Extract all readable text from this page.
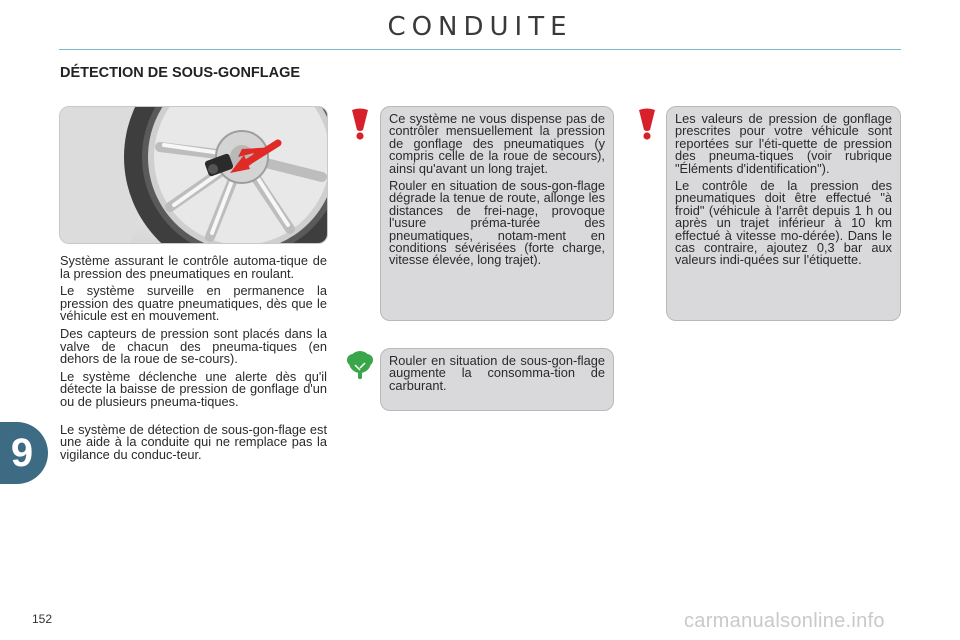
CONDUITE
DÉTECTION DE SOUS-GONFLAGE

Système assurant le contrôle automa-tique de la pression des pneumatiques en roulant.

Le système surveille en permanence la pression des quatre pneumatiques, dès que le véhicule est en mouvement.

Des capteurs de pression sont placés dans la valve de chacun des pneuma-tiques (en dehors de la roue de se-cours).

Le système déclenche une alerte dès qu'il détecte la baisse de pression de gonflage d'un ou de plusieurs pneuma-tiques.

Le système de détection de sous-gon-flage est une aide à la conduite qui ne remplace pas la vigilance du conduc-teur.

Ce système ne vous dispense pas de contrôler mensuellement la pression de gonflage des pneumatiques (y compris celle de la roue de secours), ainsi qu'avant un long trajet.

Rouler en situation de sous-gon-flage dégrade la tenue de route, allonge les distances de frei-nage, provoque l'usure préma-turée des pneumatiques, notam-ment en conditions sévérisées (forte charge, vitesse élevée, long trajet).

Les valeurs de pression de gonflage prescrites pour votre véhicule sont reportées sur l'éti-quette de pression des pneuma-tiques (voir rubrique "Éléments d'identification").

Le contrôle de la pression des pneumatiques doit être effectué "à froid" (véhicule à l'arrêt depuis 1 h ou après un trajet inférieur à 10 km effectué à vitesse mo-dérée). Dans le cas contraire, ajoutez 0,3 bar aux valeurs indi-quées sur l'étiquette.

Rouler en situation de sous-gon-flage augmente la consomma-tion de carburant.

9
152	carmanualsonline.info
